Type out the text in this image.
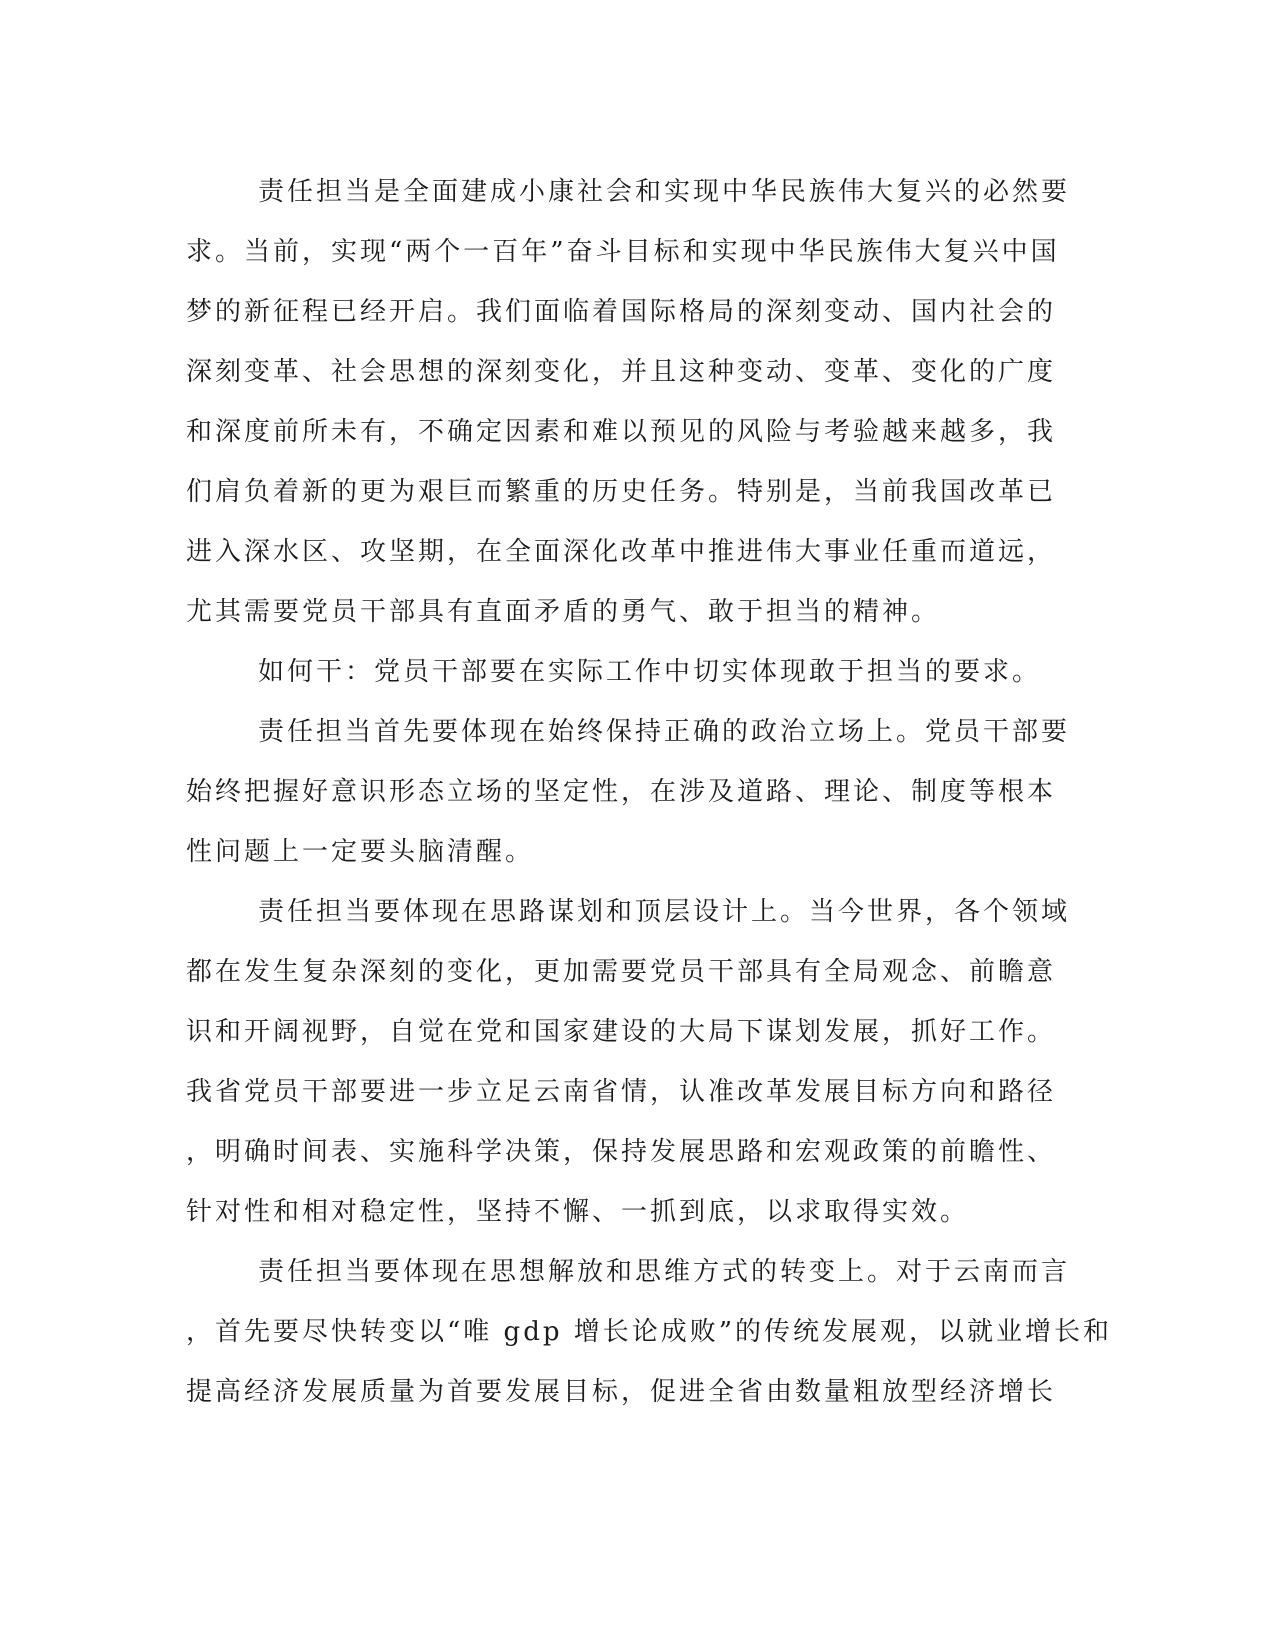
责任担当是全面建成小康社会和实现中华民族伟大复兴的必然要
求。当前，实现“两个一百年”奋斗目标和实现中华民族伟大复兴中国
梦的新征程已经开启。我们面临着国际格局的深刻变动、国内社会的
深刻变革、社会思想的深刻变化，并且这种变动、变革、变化的广度
和深度前所未有，不确定因素和难以预见的风险与考验越来越多，我
们肩负着新的更为艰巨而繁重的历史任务。特别是，当前我国改革已
进入深水区、攻坚期，在全面深化改革中推进伟大事业任重而道远，
尤其需要党员干部具有直面矛盾的勇气、敢于担当的精神。
如何干：党员干部要在实际工作中切实体现敢于担当的要求。
责任担当首先要体现在始终保持正确的政治立场上。党员干部要
始终把握好意识形态立场的坚定性，在涉及道路、理论、制度等根本
性问题上一定要头脑清醒。
责任担当要体现在思路谋划和顶层设计上。当今世界，各个领域
都在发生复杂深刻的变化，更加需要党员干部具有全局观念、前瞻意
识和开阔视野，自觉在党和国家建设的大局下谋划发展，抓好工作。
我省党员干部要进一步立足云南省情，认准改革发展目标方向和路径
，明确时间表、实施科学决策，保持发展思路和宏观政策的前瞻性、
针对性和相对稳定性，坚持不懈、一抓到底，以求取得实效。
责任担当要体现在思想解放和思维方式的转变上。对于云南而言
，首先要尽快转变以“唯 gdp 增长论成败”的传统发展观，以就业增长和
提高经济发展质量为首要发展目标，促进全省由数量粗放型经济增长
